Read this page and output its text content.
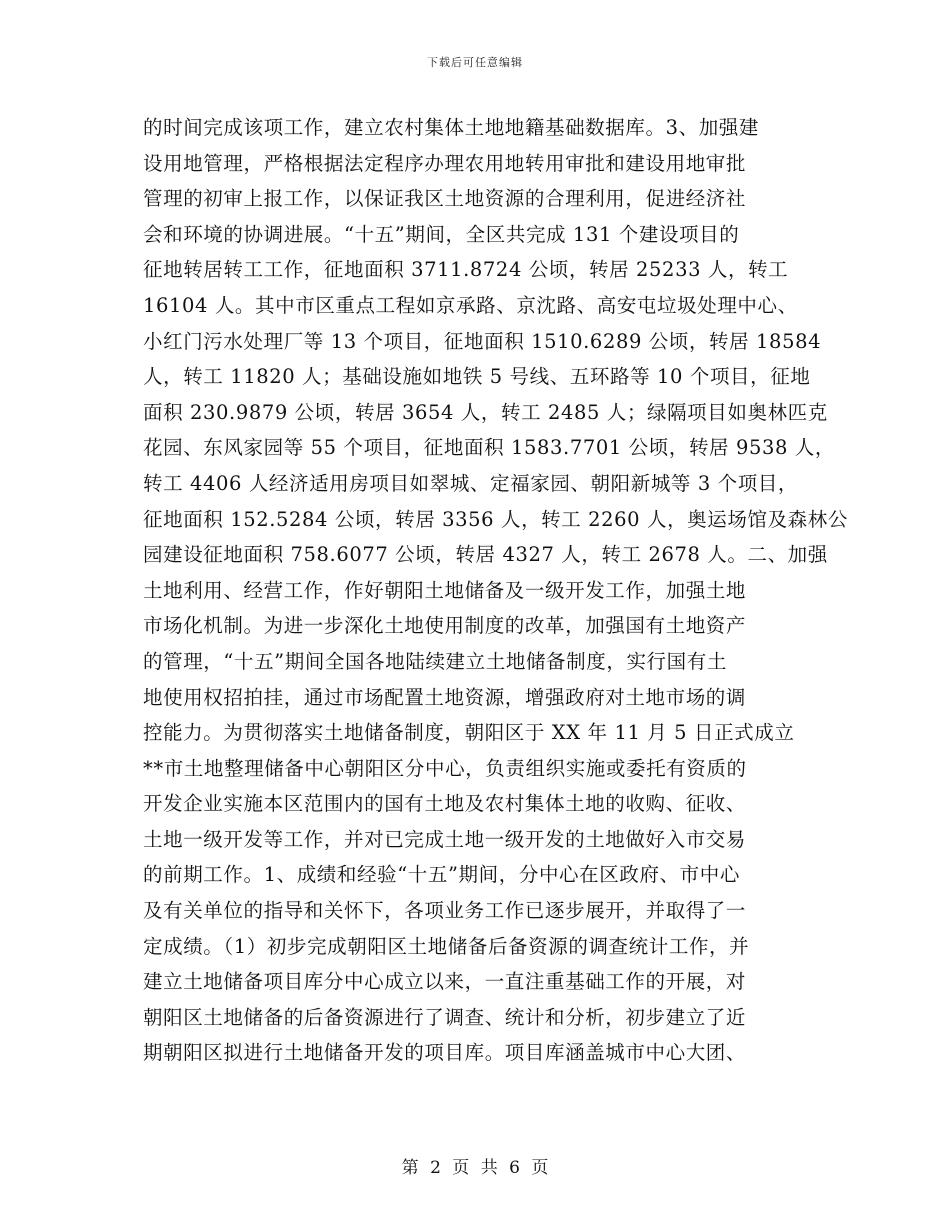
下载后可任意编辑
的时间完成该项工作，建立农村集体土地地籍基础数据库。3、加强建
设用地管理，严格根据法定程序办理农用地转用审批和建设用地审批
管理的初审上报工作，以保证我区土地资源的合理利用，促进经济社
会和环境的协调进展。“十五”期间，全区共完成 131 个建设项目的
征地转居转工工作，征地面积 3711.8724 公顷，转居 25233 人，转工
16104 人。其中市区重点工程如京承路、京沈路、高安屯垃圾处理中心、
小红门污水处理厂等 13 个项目，征地面积 1510.6289 公顷，转居 18584
人，转工 11820 人；基础设施如地铁 5 号线、五环路等 10 个项目，征地
面积 230.9879 公顷，转居 3654 人，转工 2485 人；绿隔项目如奥林匹克
花园、东风家园等 55 个项目，征地面积 1583.7701 公顷，转居 9538 人，
转工 4406 人经济适用房项目如翠城、定福家园、朝阳新城等 3 个项目，
征地面积 152.5284 公顷，转居 3356 人，转工 2260 人，奥运场馆及森林公
园建设征地面积 758.6077 公顷，转居 4327 人，转工 2678 人。二、加强
土地利用、经营工作，作好朝阳土地储备及一级开发工作，加强土地
市场化机制。为进一步深化土地使用制度的改革，加强国有土地资产
的管理，“十五”期间全国各地陆续建立土地储备制度，实行国有土
地使用权招拍挂，通过市场配置土地资源，增强政府对土地市场的调
控能力。为贯彻落实土地储备制度，朝阳区于 XX 年 11 月 5 日正式成立
**市土地整理储备中心朝阳区分中心，负责组织实施或委托有资质的
开发企业实施本区范围内的国有土地及农村集体土地的收购、征收、
土地一级开发等工作，并对已完成土地一级开发的土地做好入市交易
的前期工作。1、成绩和经验“十五”期间，分中心在区政府、市中心
及有关单位的指导和关怀下，各项业务工作已逐步展开，并取得了一
定成绩。（1）初步完成朝阳区土地储备后备资源的调查统计工作，并
建立土地储备项目库分中心成立以来，一直注重基础工作的开展，对
朝阳区土地储备的后备资源进行了调查、统计和分析，初步建立了近
期朝阳区拟进行土地储备开发的项目库。项目库涵盖城市中心大团、
第 2 页 共 6 页
